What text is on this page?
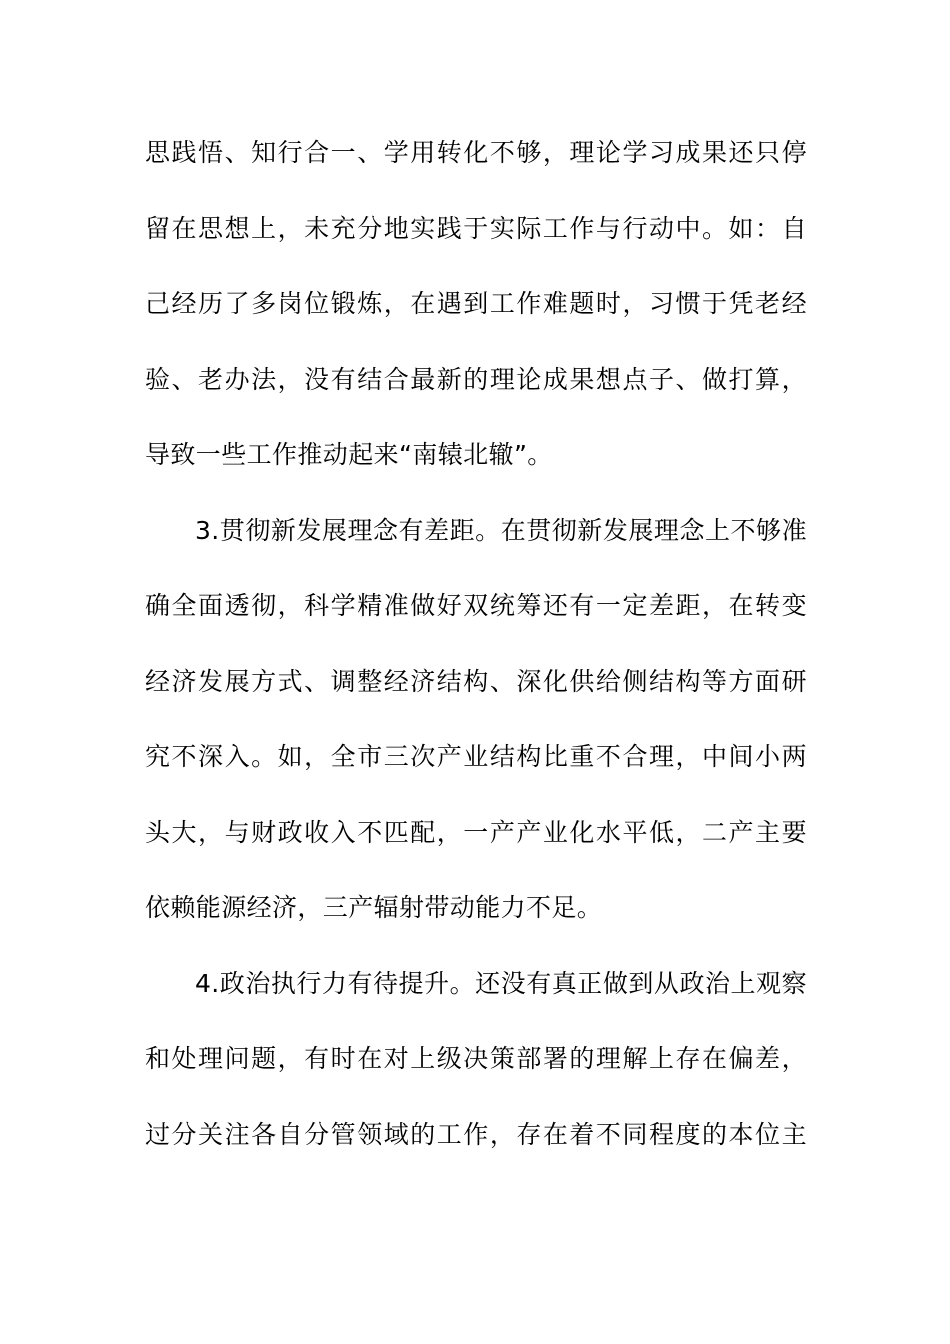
思践悟、知行合一、学用转化不够，理论学习成果还只停
留在思想上，未充分地实践于实际工作与行动中。如：自
己经历了多岗位锻炼，在遇到工作难题时，习惯于凭老经
验、老办法，没有结合最新的理论成果想点子、做打算，
导致一些工作推动起来“南辕北辙”。
3.贯彻新发展理念有差距。在贯彻新发展理念上不够准
确全面透彻，科学精准做好双统筹还有一定差距，在转变
经济发展方式、调整经济结构、深化供给侧结构等方面研
究不深入。如，全市三次产业结构比重不合理，中间小两
头大，与财政收入不匹配，一产产业化水平低，二产主要
依赖能源经济，三产辐射带动能力不足。
4.政治执行力有待提升。还没有真正做到从政治上观察
和处理问题，有时在对上级决策部署的理解上存在偏差，
过分关注各自分管领域的工作，存在着不同程度的本位主
